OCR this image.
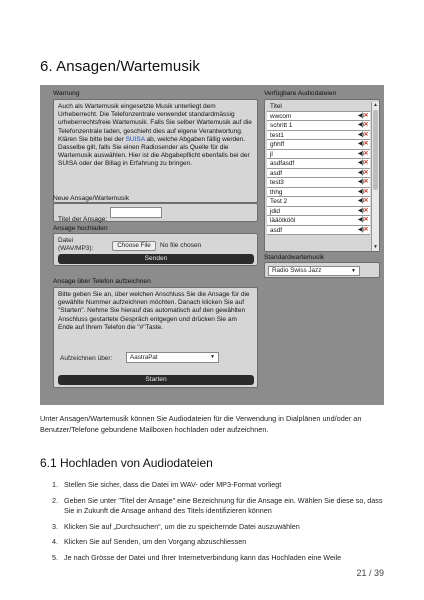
6. Ansagen/Wartemusik
Warnung
Auch als Wartemusik eingesetzte Musik unterliegt dem Urheberrecht. Die Telefonzentrale verwendet standardmässig urheberrechtsfreie Wartemusik. Falls Sie selber Wartemusik auf die Telefonzentrale laden, geschieht dies auf eigene Verantwortung. Klären Sie bitte bei der SUISA ab, welche Abgaben fällig werden. Dasselbe gilt, falls Sie einen Radiosender als Quelle für die Wartemusik auswählen. Hier ist die Abgabepflicht ebenfalls bei der SUISA oder der Billag in Erfahrung zu bringen.
Neue Ansage/Wartemusik
Titel der Ansage:
Ansage hochladen
Datei
(WAV/MP3):	Choose File	No file chosen
Senden
Ansage über Telefon aufzeichnen
Bitte geben Sie an, über welchen Anschluss Sie die Ansage für die gewählte Nummer aufzeichnen möchten. Danach klicken Sie auf "Starten". Nehme Sie hierauf das automatisch auf den gewählten Anschluss gestartete Gespräch entgegen und drücken Sie am Ende auf Ihrem Telefon die "#"Taste.
Aufzeichnen über:	AastraPat	▼
Starten
Verfügbare Audiodateien
Titel
wwcom	◀)✕
schritt 1	◀)✕
test1	◀)✕
ghhff	◀)✕
jl	◀)✕
asdfasdf	◀)✕
asdf	◀)✕
test3	◀)✕
thhg	◀)✕
Test 2	◀)✕
jdid	◀)✕
lääölkööl	◀)✕
asdf	◀)✕
▲
▼
Standardwartemusik
Radio Swiss Jazz	▼
Unter Ansagen/Wartemusik können Sie Audiodateien für die Verwendung in Dialplänen und/oder an Benutzer/Telefone gebundene Mailboxen hochladen oder aufzeichnen.
6.1 Hochladen von Audiodateien
1. Stellen Sie sicher, dass die Datei im WAV- oder MP3-Format vorliegt
2. Geben Sie unter "Titel der Ansage" eine Bezeichnung für die Ansage ein. Wählen Sie diese so, dass Sie in Zukunft die Ansage anhand des Titels identifizieren können
3. Klicken Sie auf „Durchsuchen“, um die zu speichernde Datei auszuwählen
4. Klicken Sie auf Senden, um den Vorgang abzuschliessen
5. Je nach Grösse der Datei und Ihrer Internetverbindung kann das Hochladen eine Weile
21 / 39
